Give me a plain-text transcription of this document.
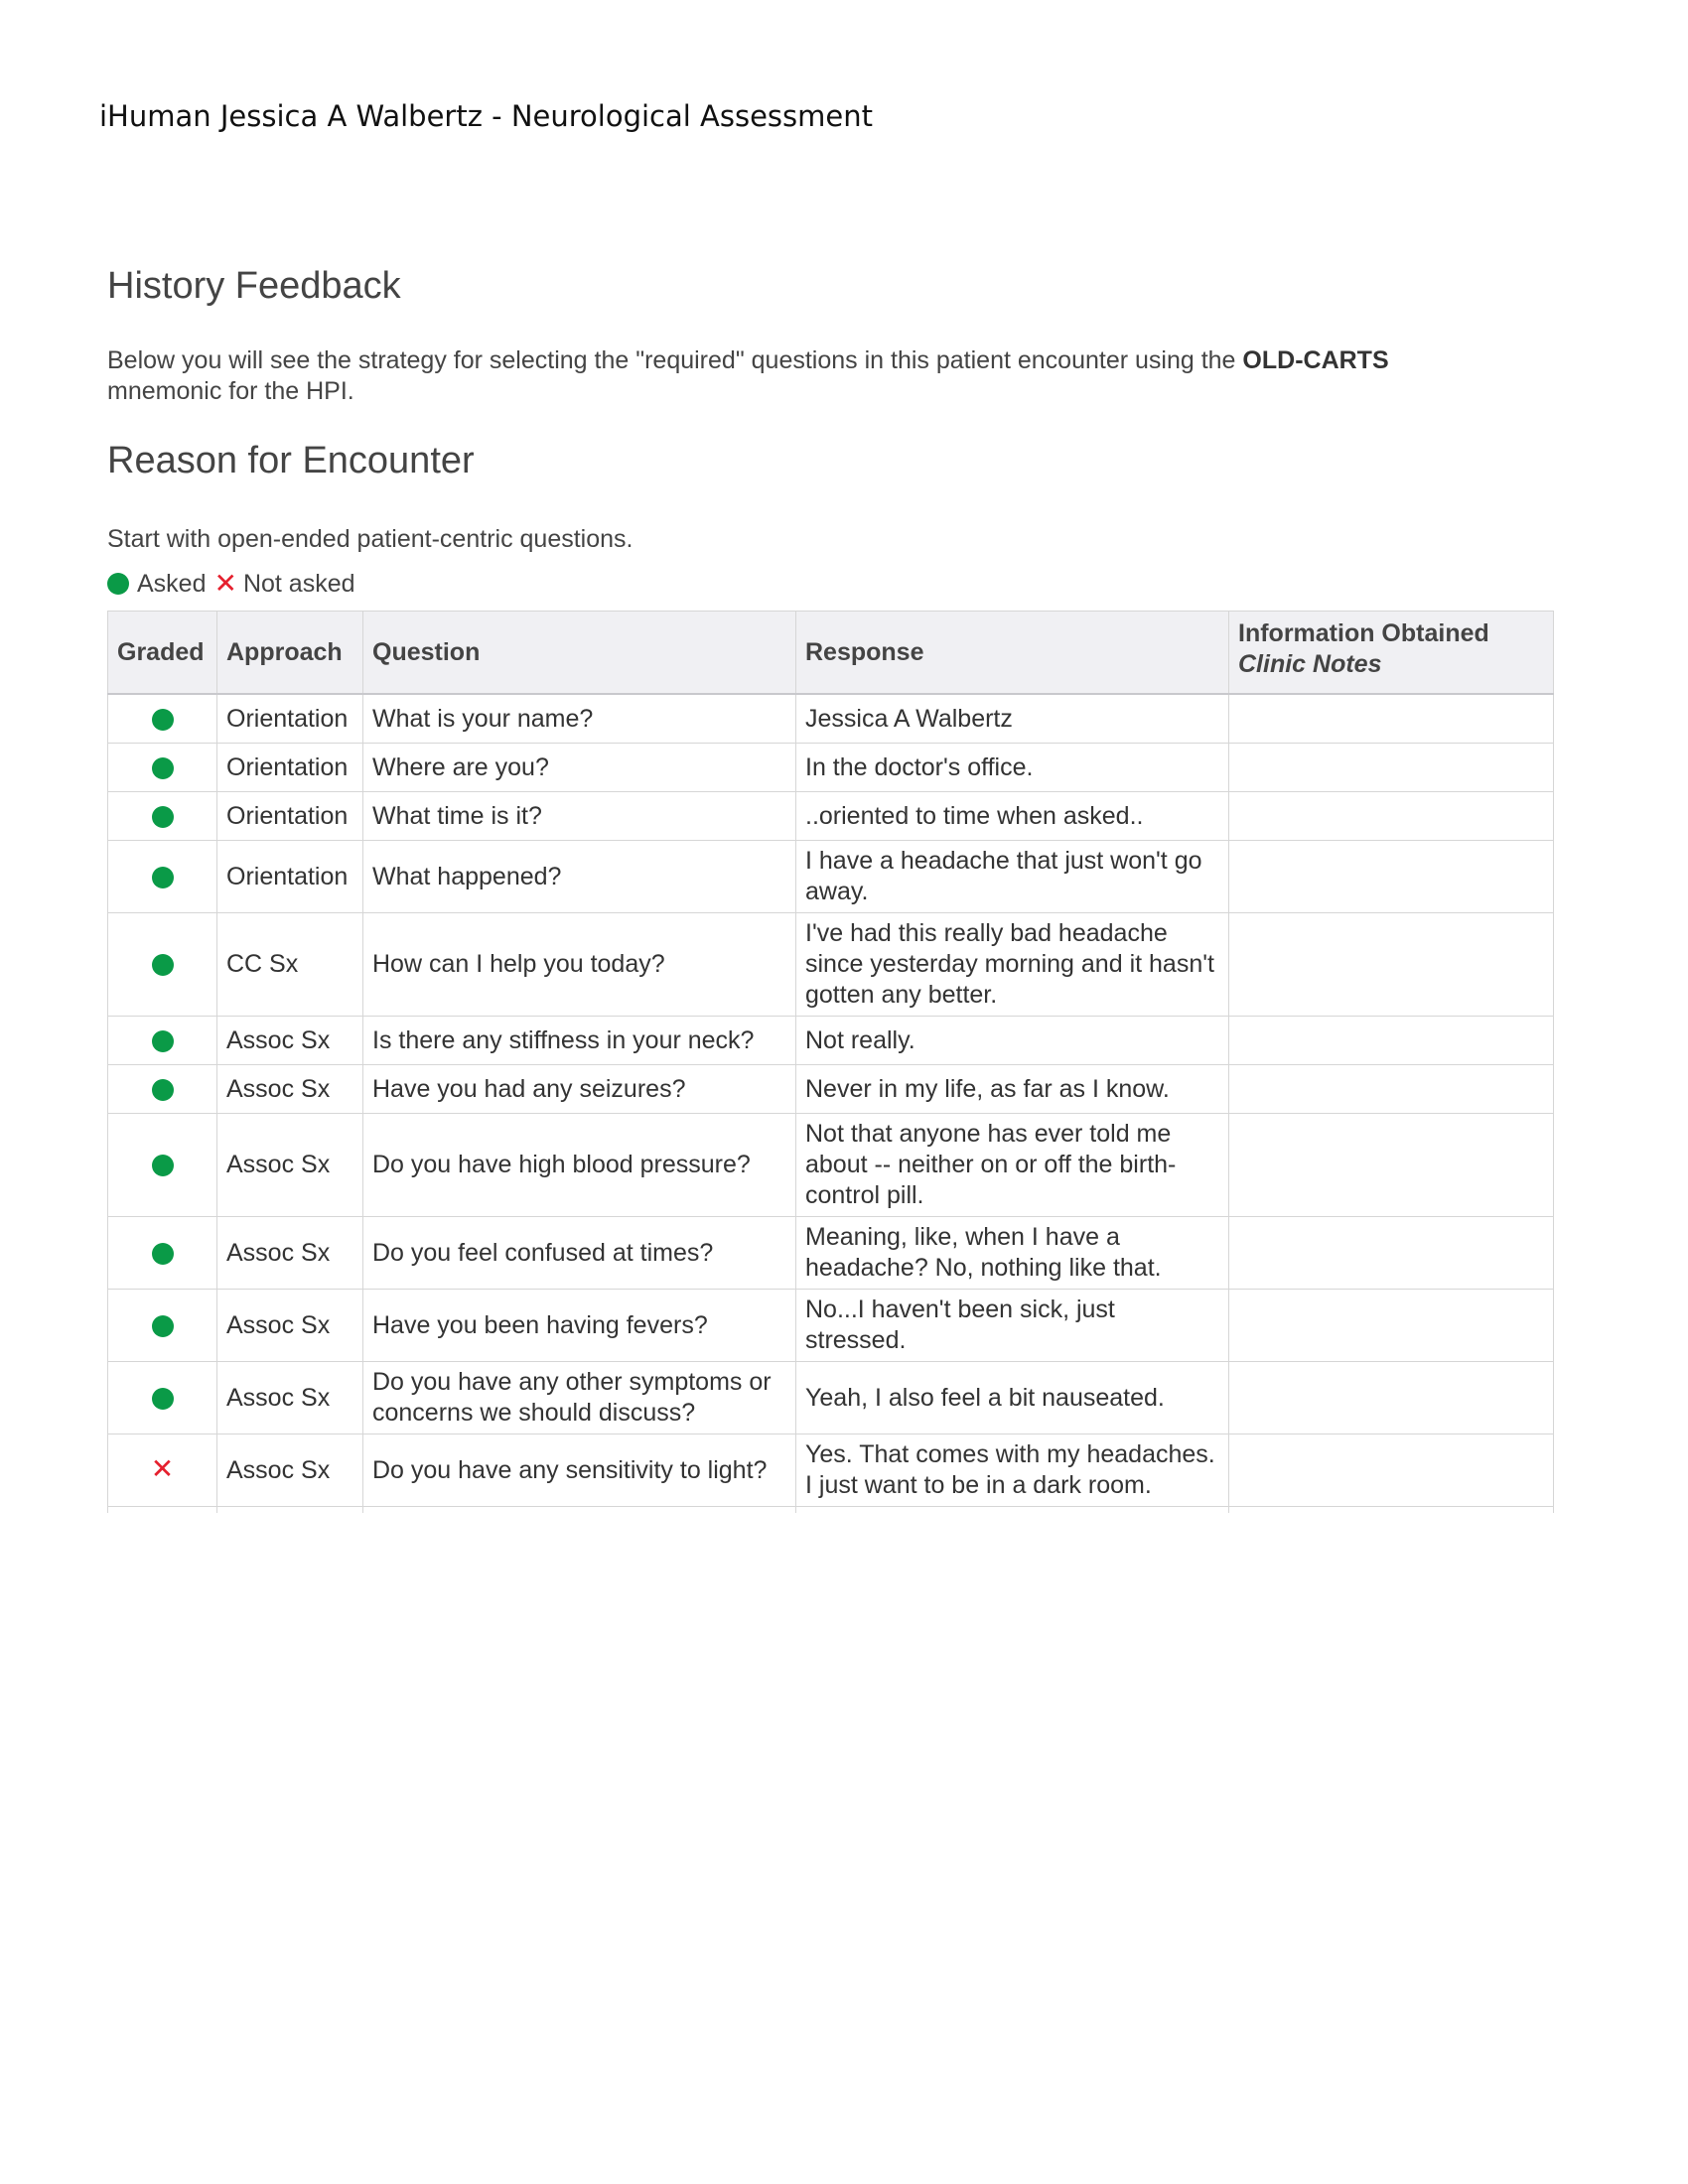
iHuman Jessica A Walbertz - Neurological Assessment
History Feedback

Below you will see the strategy for selecting the "required" questions in this patient encounter using the OLD-CARTS mnemonic for the HPI.

Reason for Encounter

Start with open-ended patient-centric questions.

Asked ✕ Not asked
Graded	Approach	Question	Response	Information Obtained
Clinic Notes

	Orientation	What is your name?	Jessica A Walbertz	
	Orientation	Where are you?	In the doctor's office.	
	Orientation	What time is it?	..oriented to time when asked..	
	Orientation	What happened?	I have a headache that just won't go away.	
	CC Sx	How can I help you today?	I've had this really bad headache since yesterday morning and it hasn't gotten any better.	
	Assoc Sx	Is there any stiffness in your neck?	Not really.	
	Assoc Sx	Have you had any seizures?	Never in my life, as far as I know.	
	Assoc Sx	Do you have high blood pressure?	Not that anyone has ever told me about -- neither on or off the birth-control pill.	
	Assoc Sx	Do you feel confused at times?	Meaning, like, when I have a headache? No, nothing like that.	
	Assoc Sx	Have you been having fevers?	No...I haven't been sick, just stressed.	
	Assoc Sx	Do you have any other symptoms or concerns we should discuss?	Yeah, I also feel a bit nauseated.	
✕	Assoc Sx	Do you have any sensitivity to light?	Yes. That comes with my headaches. I just want to be in a dark room.	
